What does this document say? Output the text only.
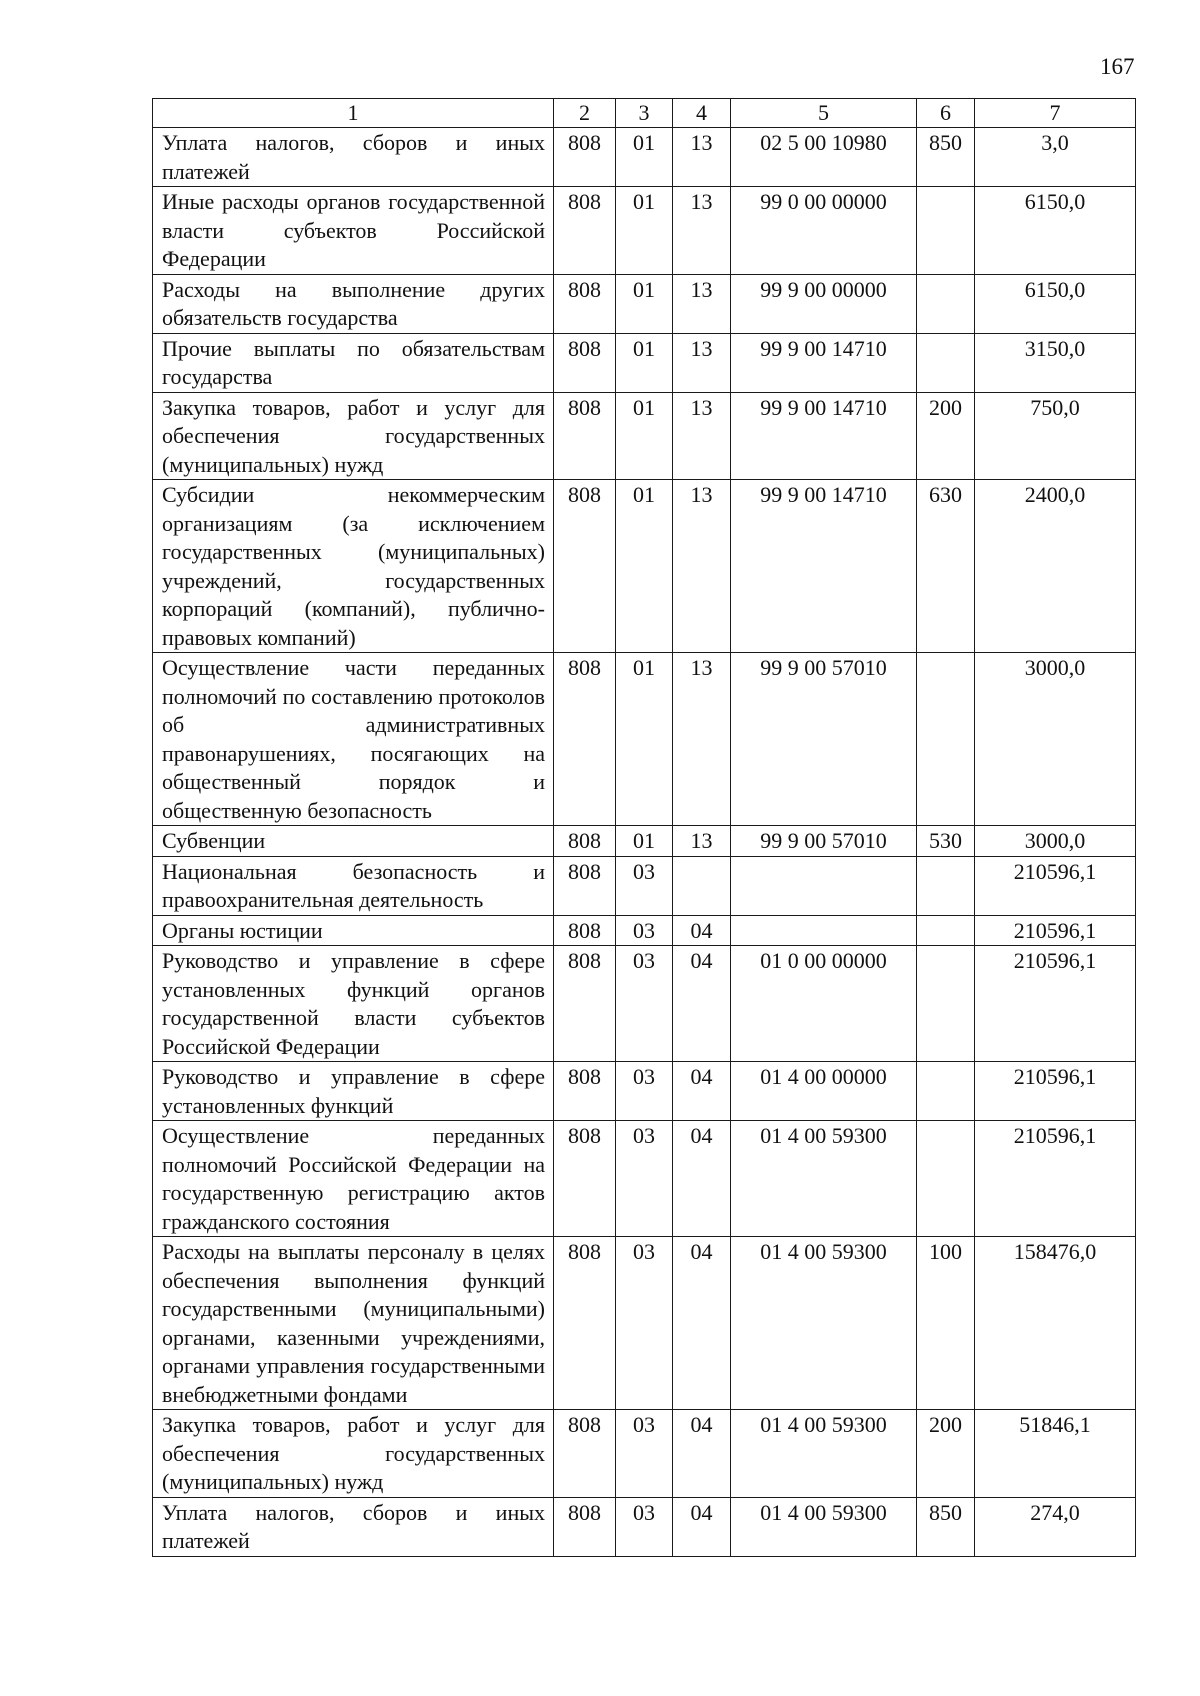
167
1	2	3	4	5	6	7
Уплата налогов, сборов и иных платежей	808	01	13	02 5 00 10980	850	3,0
Иные расходы органов государственной власти субъектов Российской Федерации	808	01	13	99 0 00 00000		6150,0
Расходы на выполнение других обязательств государства	808	01	13	99 9 00 00000		6150,0
Прочие выплаты по обязательствам государства	808	01	13	99 9 00 14710		3150,0
Закупка товаров, работ и услуг для обеспечения государственных (муниципальных) нужд	808	01	13	99 9 00 14710	200	750,0
Субсидии некоммерческим организациям (за исключением государственных (муниципальных) учреждений, государственных корпораций (компаний), публично-правовых компаний)	808	01	13	99 9 00 14710	630	2400,0
Осуществление части переданных полномочий по составлению протоколов об административных правонарушениях, посягающих на общественный порядок и общественную безопасность	808	01	13	99 9 00 57010		3000,0
Субвенции	808	01	13	99 9 00 57010	530	3000,0
Национальная безопасность и правоохранительная деятельность	808	03				210596,1
Органы юстиции	808	03	04			210596,1
Руководство и управление в сфере установленных функций органов государственной власти субъектов Российской Федерации	808	03	04	01 0 00 00000		210596,1
Руководство и управление в сфере установленных функций	808	03	04	01 4 00 00000		210596,1
Осуществление переданных полномочий Российской Федерации на государственную регистрацию актов гражданского состояния	808	03	04	01 4 00 59300		210596,1
Расходы на выплаты персоналу в целях обеспечения выполнения функций государственными (муниципальными) органами, казенными учреждениями, органами управления государственными внебюджетными фондами	808	03	04	01 4 00 59300	100	158476,0
Закупка товаров, работ и услуг для обеспечения государственных (муниципальных) нужд	808	03	04	01 4 00 59300	200	51846,1
Уплата налогов, сборов и иных платежей	808	03	04	01 4 00 59300	850	274,0
